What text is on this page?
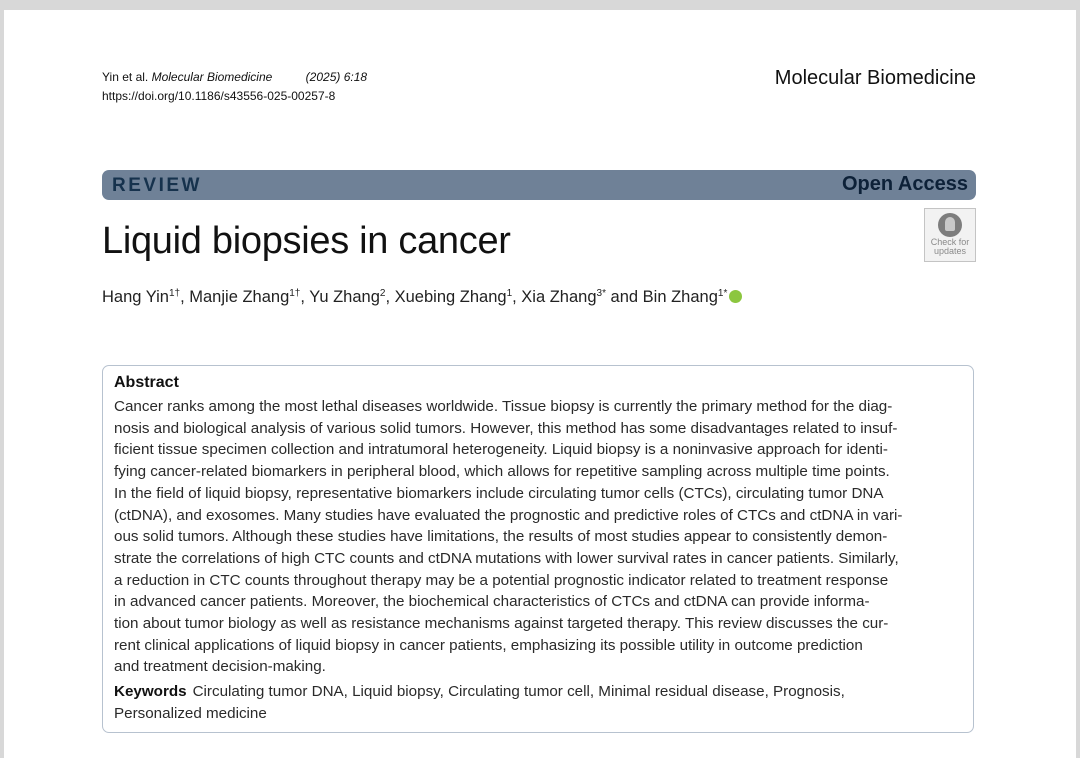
Yin et al. Molecular Biomedicine	(2025) 6:18
https://doi.org/10.1186/s43556-025-00257-8
Molecular Biomedicine
REVIEW	Open Access
Liquid biopsies in cancer	Check for
updates
Hang Yin$^{1\dagger}$, Manjie Zhang$^{1\dagger}$, Yu Zhang$^2$, Xuebing Zhang$^1$, Xia Zhang$^{3*}$ and Bin Zhang$^{1*}$
Abstract
Cancer ranks among the most lethal diseases worldwide. Tissue biopsy is currently the primary method for the diag-
nosis and biological analysis of various solid tumors. However, this method has some disadvantages related to insuf-
ficient tissue specimen collection and intratumoral heterogeneity. Liquid biopsy is a noninvasive approach for identi-
fying cancer-related biomarkers in peripheral blood, which allows for repetitive sampling across multiple time points.
In the field of liquid biopsy, representative biomarkers include circulating tumor cells (CTCs), circulating tumor DNA
(ctDNA), and exosomes. Many studies have evaluated the prognostic and predictive roles of CTCs and ctDNA in vari-
ous solid tumors. Although these studies have limitations, the results of most studies appear to consistently demon-
strate the correlations of high CTC counts and ctDNA mutations with lower survival rates in cancer patients. Similarly,
a reduction in CTC counts throughout therapy may be a potential prognostic indicator related to treatment response
in advanced cancer patients. Moreover, the biochemical characteristics of CTCs and ctDNA can provide informa-
tion about tumor biology as well as resistance mechanisms against targeted therapy. This review discusses the cur-
rent clinical applications of liquid biopsy in cancer patients, emphasizing its possible utility in outcome prediction
and treatment decision-making.
Keywords Circulating tumor DNA, Liquid biopsy, Circulating tumor cell, Minimal residual disease, Prognosis,
Personalized medicine
